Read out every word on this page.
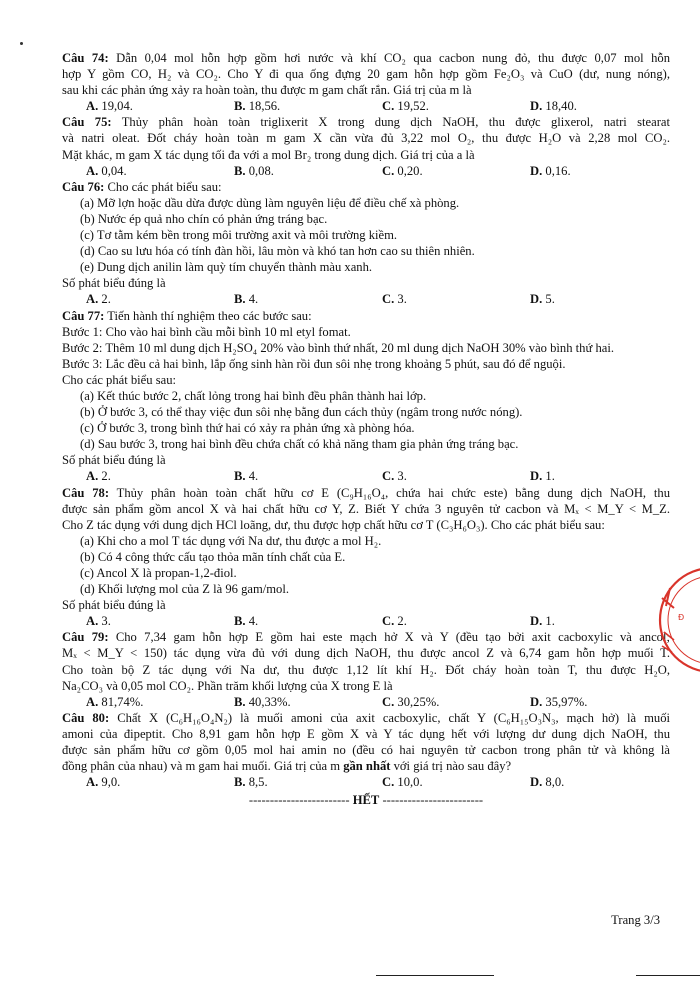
Câu 74: Dẫn 0,04 mol hỗn hợp gồm hơi nước và khí CO₂ qua cacbon nung đỏ, thu được 0,07 mol hỗn
hợp Y gồm CO, H₂ và CO₂. Cho Y đi qua ống đựng 20 gam hỗn hợp gồm Fe₂O₃ và CuO (dư, nung nóng),
sau khi các phản ứng xảy ra hoàn toàn, thu được m gam chất rắn. Giá trị của m là
A. 19,04.	B. 18,56.	C. 19,52.	D. 18,40.
Câu 75: Thủy phân hoàn toàn triglixerit X trong dung dịch NaOH, thu được glixerol, natri stearat
và natri oleat. Đốt cháy hoàn toàn m gam X cần vừa đủ 3,22 mol O₂, thu được H₂O và 2,28 mol CO₂.
Mặt khác, m gam X tác dụng tối đa với a mol Br₂ trong dung dịch. Giá trị của a là
A. 0,04.	B. 0,08.	C. 0,20.	D. 0,16.
Câu 76: Cho các phát biểu sau:
(a) Mỡ lợn hoặc dầu dừa được dùng làm nguyên liệu để điều chế xà phòng.
(b) Nước ép quả nho chín có phản ứng tráng bạc.
(c) Tơ tằm kém bền trong môi trường axit và môi trường kiềm.
(d) Cao su lưu hóa có tính đàn hồi, lâu mòn và khó tan hơn cao su thiên nhiên.
(e) Dung dịch anilin làm quỳ tím chuyển thành màu xanh.
Số phát biểu đúng là
A. 2.	B. 4.	C. 3.	D. 5.
Câu 77: Tiến hành thí nghiệm theo các bước sau:
Bước 1: Cho vào hai bình cầu mỗi bình 10 ml etyl fomat.
Bước 2: Thêm 10 ml dung dịch H₂SO₄ 20% vào bình thứ nhất, 20 ml dung dịch NaOH 30% vào bình thứ hai.
Bước 3: Lắc đều cả hai bình, lắp ống sinh hàn rồi đun sôi nhẹ trong khoảng 5 phút, sau đó để nguội.
Cho các phát biểu sau:
(a) Kết thúc bước 2, chất lỏng trong hai bình đều phân thành hai lớp.
(b) Ở bước 3, có thể thay việc đun sôi nhẹ bằng đun cách thủy (ngâm trong nước nóng).
(c) Ở bước 3, trong bình thứ hai có xảy ra phản ứng xà phòng hóa.
(d) Sau bước 3, trong hai bình đều chứa chất có khả năng tham gia phản ứng tráng bạc.
Số phát biểu đúng là
A. 2.	B. 4.	C. 3.	D. 1.
Câu 78: Thủy phân hoàn toàn chất hữu cơ E (C₉H₁₆O₄, chứa hai chức este) bằng dung dịch NaOH, thu
được sản phẩm gồm ancol X và hai chất hữu cơ Y, Z. Biết Y chứa 3 nguyên tử cacbon và Mₓ < M_Y < M_Z.
Cho Z tác dụng với dung dịch HCl loãng, dư, thu được hợp chất hữu cơ T (C₃H₆O₃). Cho các phát biểu sau:
(a) Khi cho a mol T tác dụng với Na dư, thu được a mol H₂.
(b) Có 4 công thức cấu tạo thỏa mãn tính chất của E.
(c) Ancol X là propan-1,2-điol.
(d) Khối lượng mol của Z là 96 gam/mol.
Số phát biểu đúng là
A. 3.	B. 4.	C. 2.	D. 1.
Câu 79: Cho 7,34 gam hỗn hợp E gồm hai este mạch hở X và Y (đều tạo bởi axit cacboxylic và ancol;
Mₓ < M_Y < 150) tác dụng vừa đủ với dung dịch NaOH, thu được ancol Z và 6,74 gam hỗn hợp muối T.
Cho toàn bộ Z tác dụng với Na dư, thu được 1,12 lít khí H₂. Đốt cháy hoàn toàn T, thu được H₂O,
Na₂CO₃ và 0,05 mol CO₂. Phần trăm khối lượng của X trong E là
A. 81,74%.	B. 40,33%.	C. 30,25%.	D. 35,97%.
Câu 80: Chất X (C₆H₁₆O₄N₂) là muối amoni của axit cacboxylic, chất Y (C₆H₁₅O₃N₃, mạch hở) là muối
amoni của đipeptit. Cho 8,91 gam hỗn hợp E gồm X và Y tác dụng hết với lượng dư dung dịch NaOH, thu
được sản phẩm hữu cơ gồm 0,05 mol hai amin no (đều có hai nguyên tử cacbon trong phân tử và không là
đồng phân của nhau) và m gam hai muối. Giá trị của m gần nhất với giá trị nào sau đây?
A. 9,0.	B. 8,5.	C. 10,0.	D. 8,0.
------------------------ HẾT ------------------------
Trang 3/3
Đ
